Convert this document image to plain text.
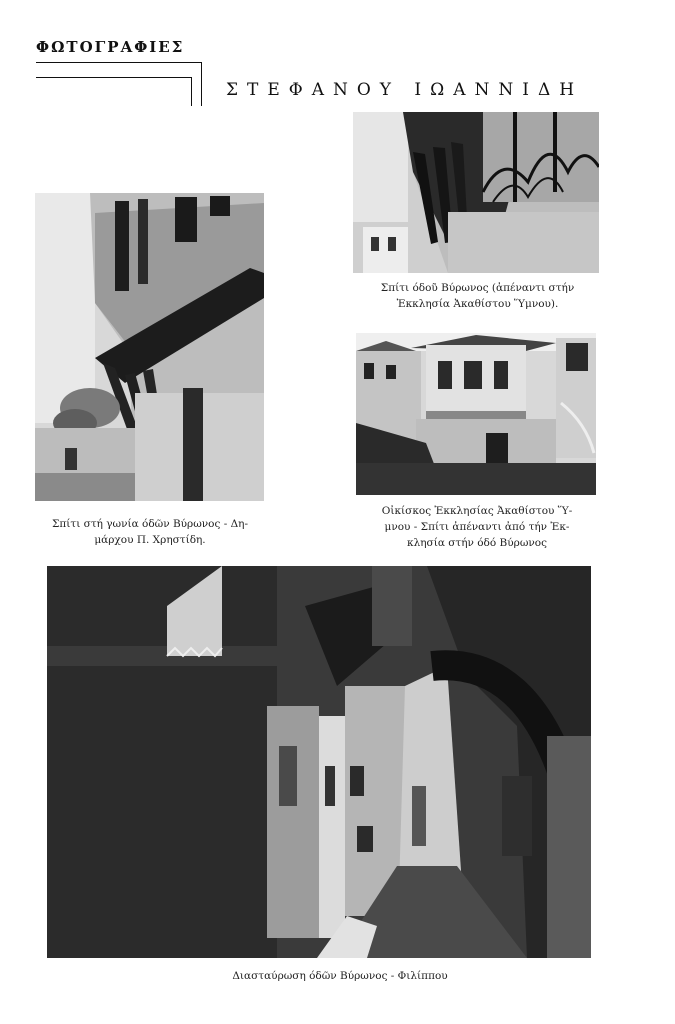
ΦΩΤΟΓΡΑΦΙΕΣ
ΣΤΕΦΑΝΟΥ ΙΩΑΝΝΙΔΗ
Σπίτι στή γωνία όδῶν Βύρωνος - Δη-
μάρχου Π. Χρηστίδη.
Σπίτι όδοῦ Βύρωνος (ἀπέναντι στήν
Ἐκκλησία Ἀκαθίστου Ὕμνου).
Οἰκίσκος Ἐκκλησίας Ἀκαθίστου Ὕ-
μνου - Σπίτι ἀπέναντι ἀπό τήν Ἐκ-
κλησία στήν όδό Βύρωνος
Διασταύρωση όδῶν Βύρωνος - Φιλίππου
